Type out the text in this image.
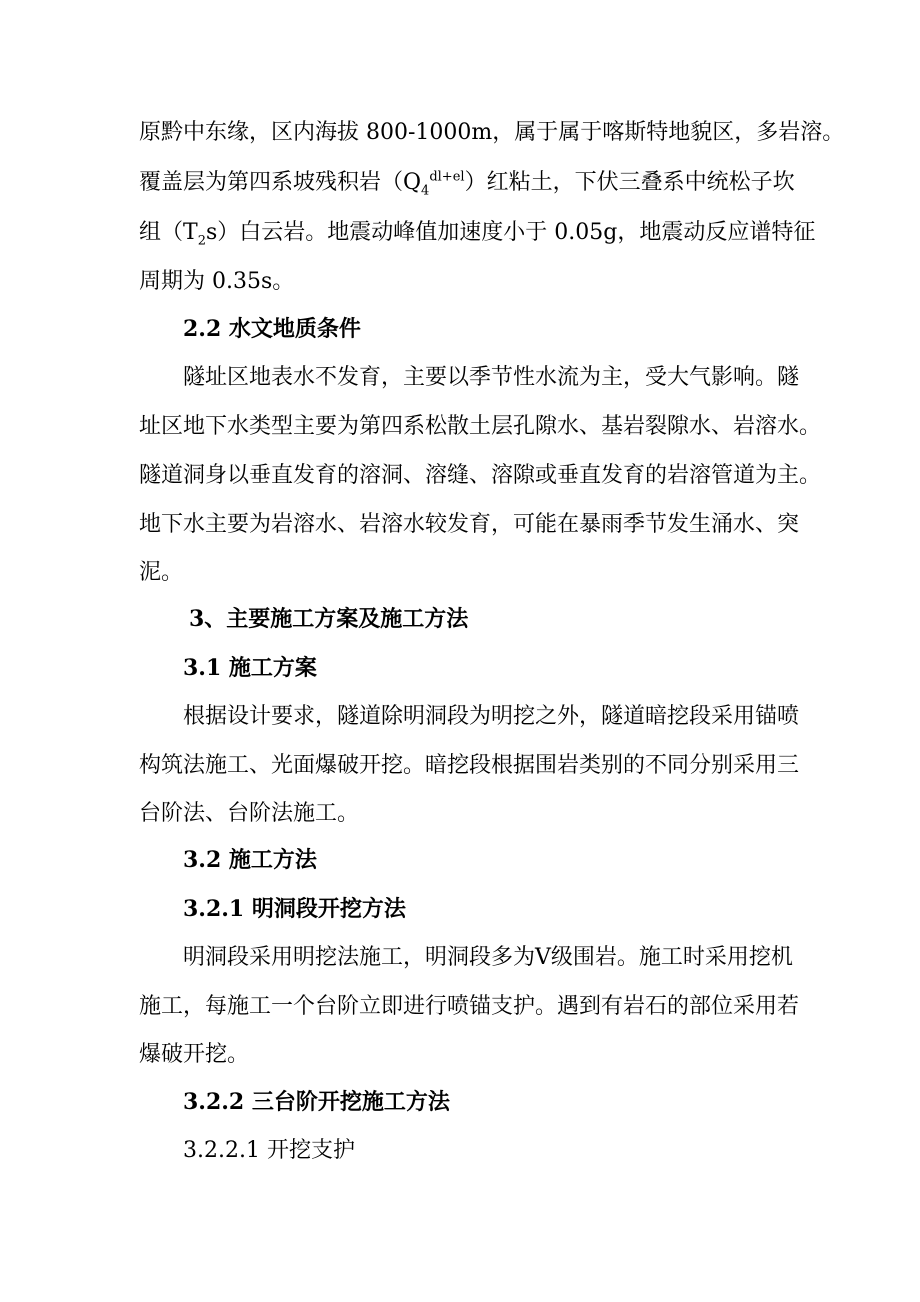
原黔中东缘，区内海拔 800-1000m，属于属于喀斯特地貌区，多岩溶。
覆盖层为第四系坡残积岩$(Q_4^{dl+el})$红粘土，下伏三叠系中统松子坎
组$(T_2s)$白云岩。地震动峰值加速度小于 0.05g，地震动反应谱特征
周期为 0.35s。
2.2 水文地质条件
隧址区地表水不发育，主要以季节性水流为主，受大气影响。隧
址区地下水类型主要为第四系松散土层孔隙水、基岩裂隙水、岩溶水。
隧道洞身以垂直发育的溶洞、溶缝、溶隙或垂直发育的岩溶管道为主。
地下水主要为岩溶水、岩溶水较发育，可能在暴雨季节发生涌水、突
泥。
3、主要施工方案及施工方法
3.1 施工方案
根据设计要求，隧道除明洞段为明挖之外，隧道暗挖段采用锚喷
构筑法施工、光面爆破开挖。暗挖段根据围岩类别的不同分别采用三
台阶法、台阶法施工。
3.2 施工方法
3.2.1 明洞段开挖方法
明洞段采用明挖法施工，明洞段多为Ⅴ级围岩。施工时采用挖机
施工，每施工一个台阶立即进行喷锚支护。遇到有岩石的部位采用若
爆破开挖。
3.2.2 三台阶开挖施工方法
3.2.2.1 开挖支护
